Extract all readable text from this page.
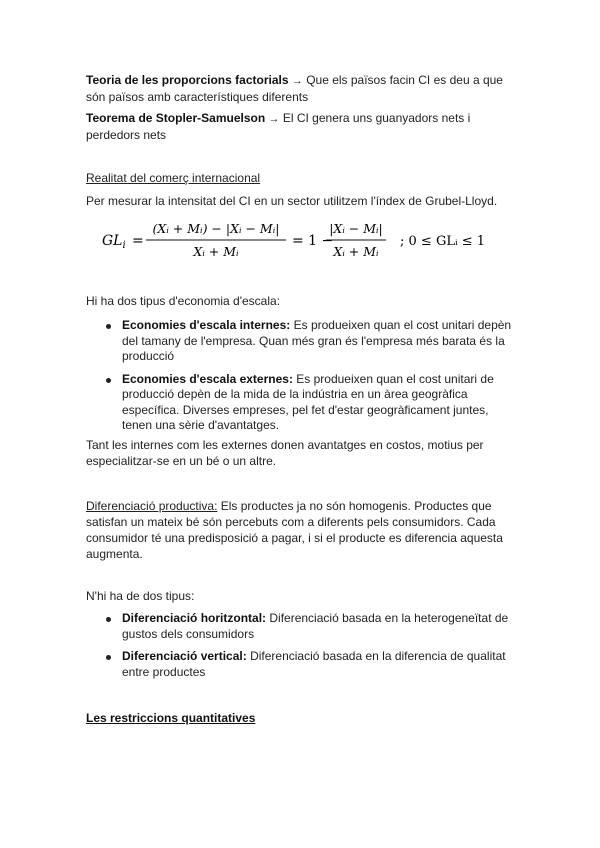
Teoria de les proporcions factorials → Que els països facin CI es deu a que són països amb característiques diferents
Teorema de Stopler-Samuelson → El CI genera uns guanyadors nets i perdedors nets
Realitat del comerç internacional
Per mesurar la intensitat del CI en un sector utilitzem l'índex de Grubel-Lloyd.
$GL_i$ =
(Xᵢ + Mᵢ) − |Xᵢ − Mᵢ|
Xᵢ + Mᵢ
= 1 −
|Xᵢ − Mᵢ|
Xᵢ + Mᵢ
; 0 ≤ GLᵢ ≤ 1
Hi ha dos tipus d'economia d'escala:
Economies d'escala internes: Es produeixen quan el cost unitari depèn del tamany de l'empresa. Quan més gran és l'empresa més barata és la producció
Economies d'escala externes: Es produeixen quan el cost unitari de producció depèn de la mida de la indústria en un àrea geogràfica específica. Diverses empreses, pel fet d'estar geogràficament juntes, tenen una sèrie d'avantatges.
Tant les internes com les externes donen avantatges en costos, motius per especialitzar-se en un bé o un altre.
Diferenciació productiva: Els productes ja no són homogenis. Productes que satisfan un mateix bé són percebuts com a diferents pels consumidors. Cada consumidor té una predisposició a pagar, i si el producte es diferencia aquesta augmenta.
N'hi ha de dos tipus:
Diferenciació horitzontal: Diferenciació basada en la heterogeneïtat de gustos dels consumidors
Diferenciació vertical: Diferenciació basada en la diferencia de qualitat entre productes
Les restriccions quantitatives
